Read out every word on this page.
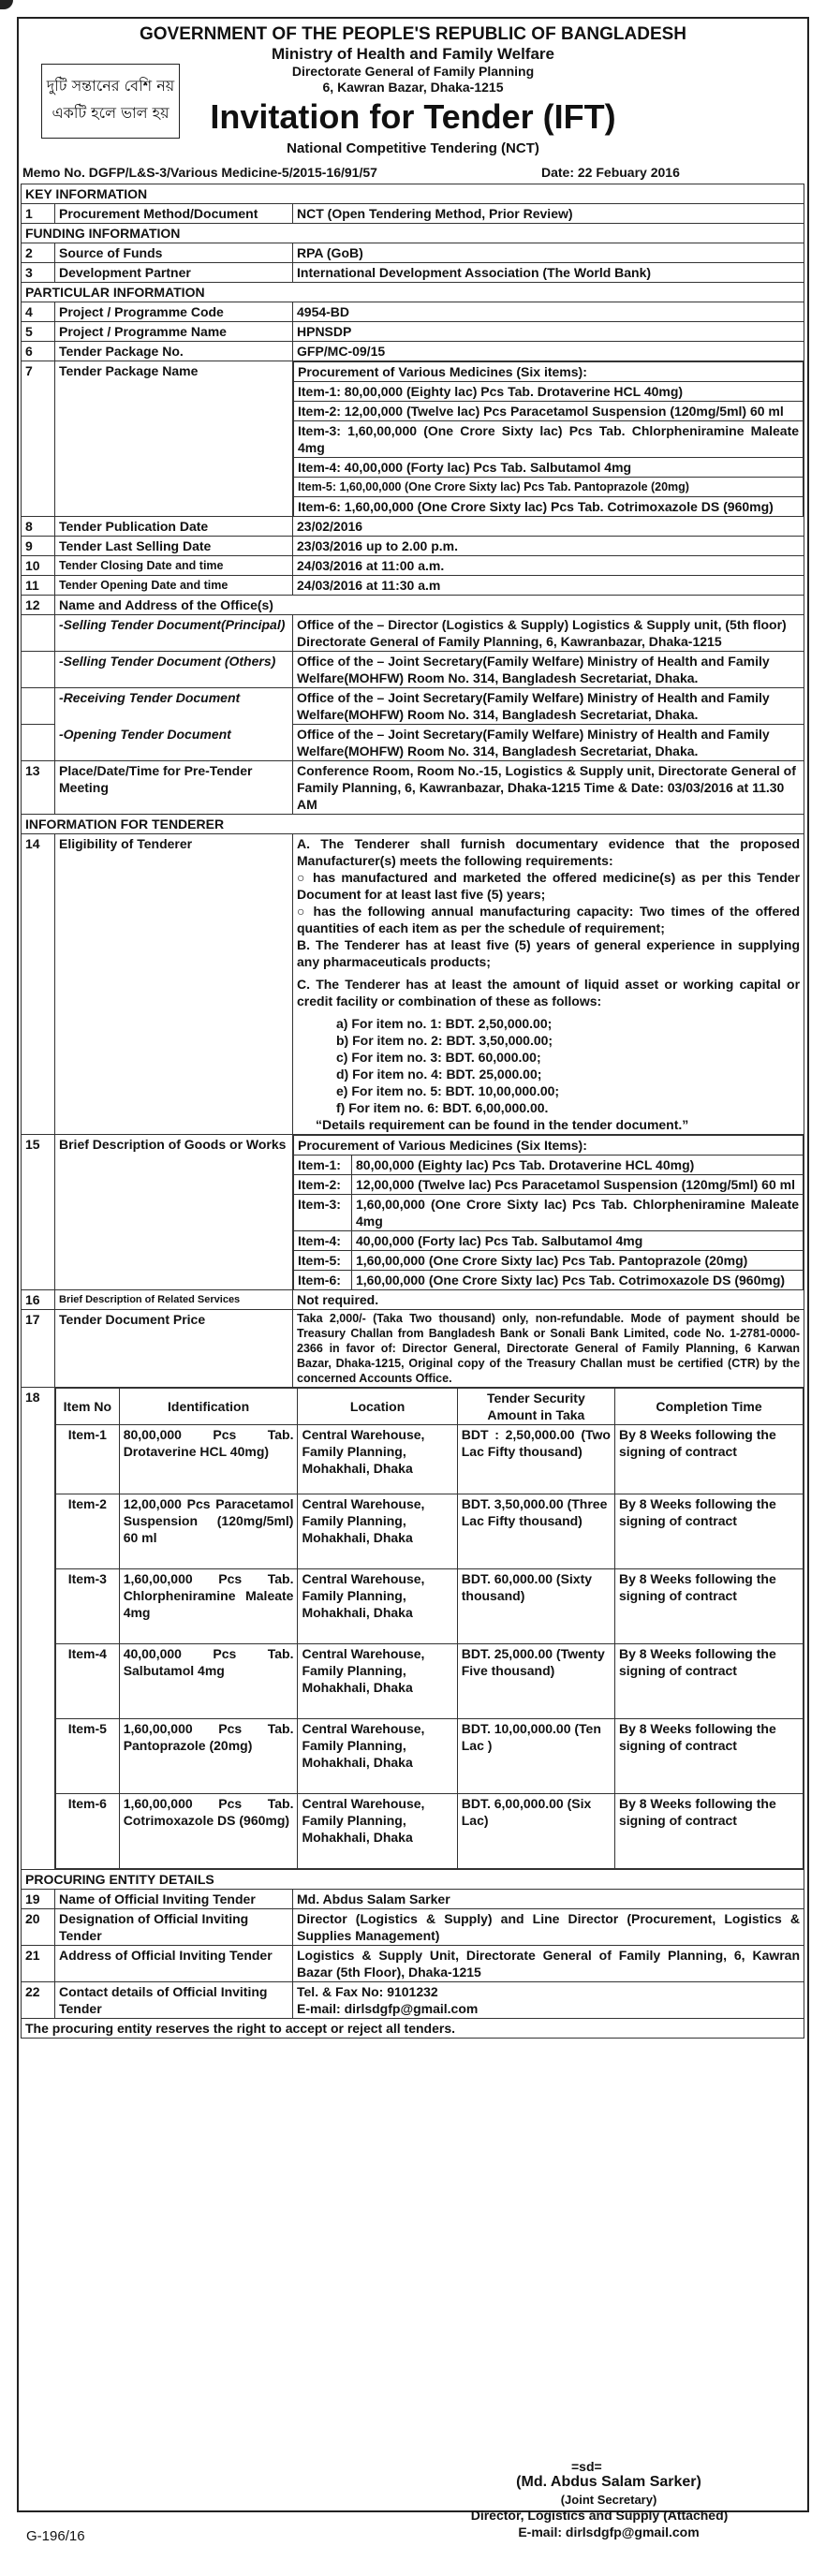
GOVERNMENT OF THE PEOPLE'S REPUBLIC OF BANGLADESH
Ministry of Health and Family Welfare
Directorate General of Family Planning
6, Kawran Bazar, Dhaka-1215
Invitation for Tender (IFT)
National Competitive Tendering (NCT)
দুটি সন্তানের বেশি নয়
একটি হলে ভাল হয়
Memo No. DGFP/L&S-3/Various Medicine-5/2015-16/91/57	Date: 22 Febuary 2016
KEY INFORMATION
1	Procurement Method/Document	NCT (Open Tendering Method, Prior Review)
FUNDING INFORMATION
2	Source of Funds	RPA (GoB)
3	Development Partner	International Development Association (The World Bank)
PARTICULAR INFORMATION
4	Project / Programme Code	4954-BD
5	Project / Programme Name	HPNSDP
6	Tender Package No.	GFP/MC-09/15
7	Tender Package Name		Procurement of Various Medicines (Six items):
Item-1: 80,00,000 (Eighty lac) Pcs Tab. Drotaverine HCL 40mg)
Item-2: 12,00,000 (Twelve lac) Pcs Paracetamol Suspension (120mg/5ml) 60 ml
Item-3: 1,60,00,000 (One Crore Sixty lac) Pcs Tab. Chlorpheniramine Maleate 4mg
Item-4: 40,00,000 (Forty lac) Pcs Tab. Salbutamol 4mg
Item-5: 1,60,00,000 (One Crore Sixty lac) Pcs Tab. Pantoprazole (20mg)
Item-6: 1,60,00,000 (One Crore Sixty lac) Pcs Tab. Cotrimoxazole DS (960mg)

8	Tender Publication Date	23/02/2016
9	Tender Last Selling Date	23/03/2016 up to 2.00 p.m.
10	Tender Closing Date and time	24/03/2016 at 11:00 a.m.
11	Tender Opening Date and time	24/03/2016 at 11:30 a.m
12	Name and Address of the Office(s)
	-Selling Tender Document(Principal)	Office of the – Director (Logistics & Supply) Logistics & Supply unit, (5th floor) Directorate General of Family Planning, 6, Kawranbazar, Dhaka-1215
	-Selling Tender Document (Others)	Office of the – Joint Secretary(Family Welfare) Ministry of Health and Family Welfare(MOHFW) Room No. 314, Bangladesh Secretariat, Dhaka.
	-Receiving Tender Document	Office of the – Joint Secretary(Family Welfare) Ministry of Health and Family Welfare(MOHFW) Room No. 314, Bangladesh Secretariat, Dhaka.
	-Opening Tender Document	Office of the – Joint Secretary(Family Welfare) Ministry of Health and Family Welfare(MOHFW) Room No. 314, Bangladesh Secretariat, Dhaka.
13	Place/Date/Time for Pre-Tender Meeting	Conference Room, Room No.-15, Logistics & Supply unit, Directorate General of Family Planning, 6, Kawranbazar, Dhaka-1215 Time & Date: 03/03/2016 at 11.30 AM
INFORMATION FOR TENDERER
14	Eligibility of Tenderer	A. The Tenderer shall furnish documentary evidence that the proposed Manufacturer(s) meets the following requirements:
○ has manufactured and marketed the offered medicine(s) as per this Tender Document for at least last five (5) years;
○ has the following annual manufacturing capacity: Two times of the offered quantities of each item as per the schedule of requirement;
B. The Tenderer has at least five (5) years of general experience in supplying any pharmaceuticals products;
C. The Tenderer has at least the amount of liquid asset or working capital or credit facility or combination of these as follows:
a) For item no. 1: BDT. 2,50,000.00;
b) For item no. 2: BDT. 3,50,000.00;
c) For item no. 3: BDT. 60,000.00;
d) For item no. 4: BDT. 25,000.00;
e) For item no. 5: BDT. 10,00,000.00;
f) For item no. 6: BDT. 6,00,000.00.
“Details requirement can be found in the tender document.”

15	Brief Description of Goods or Works	Procurement of Various Medicines (Six Items):
Item-1:	80,00,000 (Eighty lac) Pcs Tab. Drotaverine HCL 40mg)
Item-2:	12,00,000 (Twelve lac) Pcs Paracetamol Suspension (120mg/5ml) 60 ml
Item-3:	1,60,00,000 (One Crore Sixty lac) Pcs Tab. Chlorpheniramine Maleate 4mg
Item-4:	40,00,000 (Forty lac) Pcs Tab. Salbutamol 4mg
Item-5:	1,60,00,000 (One Crore Sixty lac) Pcs Tab. Pantoprazole (20mg)
Item-6:	1,60,00,000 (One Crore Sixty lac) Pcs Tab. Cotrimoxazole DS (960mg)

16	Brief Description of Related Services	Not required.
17	Tender Document Price	Taka 2,000/- (Taka Two thousand) only, non-refundable. Mode of payment should be Treasury Challan from Bangladesh Bank or Sonali Bank Limited, code No. 1-2781-0000-2366 in favor of: Director General, Directorate General of Family Planning, 6 Karwan Bazar, Dhaka-1215, Original copy of the Treasury Challan must be certified (CTR) by the concerned Accounts Office.
18	
Item No	Identification	Location	Tender Security Amount in Taka	Completion Time
Item-1	80,00,000 Pcs Tab. Drotaverine HCL 40mg)	Central Warehouse, Family Planning, Mohakhali, Dhaka	BDT : 2,50,000.00 (Two Lac Fifty thousand)	By 8 Weeks following the signing of contract
Item-2	12,00,000 Pcs Paracetamol Suspension (120mg/5ml) 60 ml	Central Warehouse, Family Planning, Mohakhali, Dhaka	BDT. 3,50,000.00 (Three Lac Fifty thousand)	By 8 Weeks following the signing of contract
Item-3	1,60,00,000 Pcs Tab. Chlorpheniramine Maleate 4mg	Central Warehouse, Family Planning, Mohakhali, Dhaka	BDT. 60,000.00 (Sixty thousand)	By 8 Weeks following the signing of contract
Item-4	40,00,000 Pcs Tab. Salbutamol 4mg	Central Warehouse, Family Planning, Mohakhali, Dhaka	BDT. 25,000.00 (Twenty Five thousand)	By 8 Weeks following the signing of contract
Item-5	1,60,00,000 Pcs Tab. Pantoprazole (20mg)	Central Warehouse, Family Planning, Mohakhali, Dhaka	BDT. 10,00,000.00 (Ten Lac )	By 8 Weeks following the signing of contract
Item-6	1,60,00,000 Pcs Tab. Cotrimoxazole DS (960mg)	Central Warehouse, Family Planning, Mohakhali, Dhaka	BDT. 6,00,000.00 (Six Lac)	By 8 Weeks following the signing of contract

PROCURING ENTITY DETAILS
19	Name of Official Inviting Tender	Md. Abdus Salam Sarker
20	Designation of Official Inviting Tender	Director (Logistics & Supply) and Line Director (Procurement, Logistics & Supplies Management)
21	Address of Official Inviting Tender	Logistics & Supply Unit, Directorate General of Family Planning, 6, Kawran Bazar (5th Floor), Dhaka-1215
22	Contact details of Official Inviting Tender	
Tel. & Fax No: 9101232
E-mail: dirlsdgfp@gmail.com

The procuring entity reserves the right to accept or reject all tenders.
=sd=
(Md. Abdus Salam Sarker)
(Joint Secretary)
Director, Logistics and Supply (Attached)
E-mail: dirlsdgfp@gmail.com
G-196/16
